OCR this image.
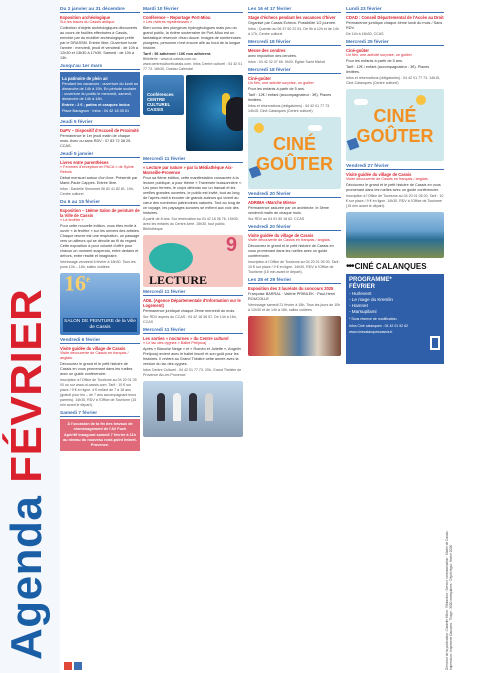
Agenda FÉVRIER
Du 2 janvier au 31 décembre
Exposition archéologique
Sur les traces du Cassis antique
Collection d'objets archéologiques découverts au cours de fouilles effectuées à Cassis, enrichie par du mobilier archéologique prêté par le DRASSM. Entrée libre. Ouverture toute l'année : mercredi, jeudi et vendredi : de 10h à 12h30 et 13h30 à 17h30. Samedi : de 10h à 13h.
Jusqu'au 1er mars
La patinoire de plein air
Pendant les vacances : ouverture du lundi au dimanche de 14h à 19h. En période scolaire : ouverture du public le mercredi, samedi, dimanche de 14h à 18h.
Entrée : 2 € ; patins et casques inclus
Place Baragnon · Infos : 04 42 18 35 61
Jeudi 5 février
DaPV – Dispositif d'Accueil de Proximité
Permanence le 1er jeudi matin de chaque mois. Avec ou sans RDV : 07 83 72 38 25. CCAS.
Jeudi 5 janvier
Livres entre parenthèses
« Femmes d'exception en PACA » de Sylvie Rebois
Débat mensuel autour d'un livre. Présenté par Marie-Paule Cappes. Entrée libre.
Infos : Danielle Simonnet 06 82 41 82 81. 19h, Centre culturel
Du 6 au 15 février
Exposition – 16ème Salon de peinture de la Ville de Cassis
« La fenêtre »
Pour cette nouvelle édition, vous êtes invité à ouvrir « la fenêtre » sur les univers des artistes. Chaque œuvre est une respiration, un passage vers un ailleurs qui se dévoile au fil du regard. Cette exposition a pour volonté d'offrir pour chacun un moment suspendu, entre dedans et dehors, entre réalité et imaginaire.
Vernissage vendredi 6 février à 18h30. Tous les jours 10h – 18h, salles voûtées
16e
SALON DE PEINTURE de la Ville de Cassis
Vendredi 6 février
Visite guidée du village de Cassis
Visite découverte de Cassis en français / anglais.
Découvrez le grand et le petit histoire de Cassis en vous promenant dans les ruelles avec un guide conférencier.
Inscription à l'Office de Tourisme au 04 20 01 05 00 ou sur www.ot-cassis.com. Tarif : 10 € sur place / 9 € en ligne. 4 € enfant de 7 à 18 ans (gratuit pour les – de 7 ans accompagnant leurs parents). 14h30, RDV à l'Office de Tourisme (15 min avant le départ).
Samedi 7 février
À l'occasion de la fin des travaux de réaménagement de l'AV Foch
Apéritif inaugural samedi 7 février à 11h au niveau du nouveau rond-point Imbert-Provence.
Mardi 10 février
Conférence – Reportage Port-Miou
« Les rivières mystérieuses »
Bien connu des plongeurs hydrogéologues mais peu du grand public, la rivière souterraine de Port-Miou est un fantastique réservoir d'eau douce. Images de nombreuses plongées, personne n'est encore allé au bout de la longue histoire.
Tarif : 5€ adhérent / 10€ non adhérent.
Billetterie : www.ot-cassis.com ou www.centreculturelcassis.com. Infos Centre culturel : 04 42 01 77 73. 18h30, Oustau Calendal
Conférences CENTRE CULTUREL CASSIS
Mercredi 11 février
« Lecture par nature » par la Médiathèque Aix-Marseille-Provence
Pour sa 9ème édition, cette manifestation consacrée à la lecture publique, a pour thème « Traversée buissonnière ». Les yeux fermés, le corps détendu sur un transat et les oreilles grandes ouvertes, le public est invité, tout au long de l'après-midi à écouter de grands auteurs qui vivent au cœur des nombreux patrimoines naturels. Tout au long de ce voyage, les paysages sonores se mêlent aux voix des histoires.
À partir de 8 ans. Sur réservation au 04 42 18 36 76. 15h30, avec les enfants du Centre Aéré. 15h30, tout public. Bibliothèque
9
LECTURE
Mercredi 11 février
ADIL (Agence Départementale d'Information sur le Logement)
Permanence juridique chaque 2ème mercredi du mois.
Sur RDV auprès du CCAS : 04 42 18 36 57. De 14h à 16h, CCAS
Mercredi 11 février
Les sorties « nocturnes » du Centre culturel
« Le lac des cygnes » Ballet Preljocaj
Après « Blanche Neige » et « Roméo et Juliette », Angelin Preljocaj revient avec le ballet inscrit et son goût pour les histoires. Il revient au Grand Théâtre cette année avec la version du lac des cygnes.
Infos Centre Culturel : 04 42 01 77 73. 20h, Grand Théâtre de Provence Aix-en-Provence
Les 16 et 17 février
Stage d'échecs pendant les vacances d'hiver
Organisé par Cassis Échecs. Possibilité 1/2 journée.
Infos : Quentin au 06 37 60 22 51. De 9h à 12h et de 14h à 17h, Centre culturel
Mercredi 18 février
Messe des cendres
avec imposition des cendres.
Infos : 04 42 32 07 65. 9h30, Église Saint Michel
Mercredi 18 février
Ciné-goûter
Un film, une activité surprise, un goûter
Pour les enfants à partir de 5 ans.
Tarif : 12€ / enfant (accompagnateur : 3€). Places limitées.
Infos et réservations (obligatoires) : 04 42 01 77 73. 14h15, Ciné-Calanques (Centre culturel)
CINÉ
GOÛTER
Vendredi 20 février
ADRIMA «Marche Mirea»
Permanence assurée par un architecte, le 3ème vendredi matin de chaque mois.
Sur RDV au 04 91 50 18 62. CCAS
Vendredi 20 février
Visite guidée du village de Cassis
Visite découverte de Cassis en français / anglais.
Découvrez le grand et le petit histoire de Cassis en vous promenant dans les ruelles avec un guide conférencier.
Inscription à l'Office de Tourisme au 04 20 01 05 00. Tarif : 10 € sur place / 9 € en ligne. 14h30, RDV à l'Office de Tourisme (15 min avant le départ).
Les 28 et 29 février
Exposition des 3 lauréats du concours 2025
Françoise BARRAL · Valérie PRIBILEK · Paul-Henri ROUCOLLE
Vernissage samedi 21 février à 18h. Tous les jours de 10h à 12h30 et de 14h à 18h, salles voûtées
Lundi 23 février
CDAD : Conseil Départemental de l'Accès au Droit
Permanence juridique chaque 4ème lundi du mois / Sans RDV.
De 14h à 16h30, CCAS
Mercredi 25 février
Ciné-goûter
Un film, une activité surprise, un goûter
Pour les enfants à partir de 5 ans.
Tarif : 12€ / enfant (accompagnateur : 3€). Places limitées.
Infos et réservations (obligatoires) : 04 42 01 77 73. 14h15, Ciné-Calanques (Centre culturel)
CINÉ
GOÛTER
Vendredi 27 février
Visite guidée du village de Cassis
Visite découverte de Cassis en français / anglais.
Découvrez le grand et le petit histoire de Cassis en vous promenant dans les ruelles avec un guide conférencier.
Inscription à l'Office de Tourisme au 04 20 01 05 00. Tarif : 10 € sur place / 9 € en ligne. 14h30, RDV à l'Office de Tourisme (15 min avant le départ).
••• CINÉ CALANQUES
PROGRAMME*
FÉVRIER
- Hurlevent
- Le mage du Kremlin
- Hamnet
- Marsupilami
* Sous réserve de modification.
Infos Ciné calanques : 04 42 01 92 62
www.cinecalanquescassis.fr
Directeur de la publication : Danielle Milon · Rédaction : Service communication · Mairie de Cassis · Impression : Imprimerie Gaussen · Tirage : 3000 exemplaires · Dépôt légal : février 2026
